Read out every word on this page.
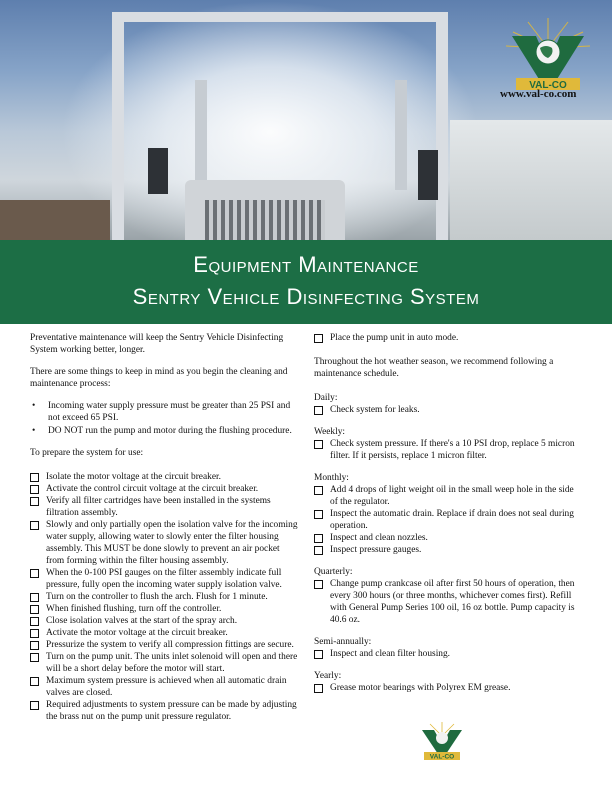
VAL-CO
www.val-co.com
Equipment Maintenance
Sentry Vehicle Disinfecting System

Preventative maintenance will keep the Sentry Vehicle Disinfecting System working better, longer.

There are some things to keep in mind as you begin the cleaning and maintenance process:

• Incoming water supply pressure must be greater than 25 PSI and not exceed 65 PSI.
• DO NOT run the pump and motor during the flushing procedure.

To prepare the system for use:

Isolate the motor voltage at the circuit breaker.
Activate the control circuit voltage at the circuit breaker.
Verify all filter cartridges have been installed in the systems filtration assembly.
Slowly and only partially open the isolation valve for the incoming water supply, allowing water to slowly enter the filter housing assembly. This MUST be done slowly to prevent an air pocket from forming within the filter housing assembly.
When the 0-100 PSI gauges on the filter assembly indicate full pressure, fully open the incoming water supply isolation valve.
Turn on the controller to flush the arch. Flush for 1 minute.
When finished flushing, turn off the controller.
Close isolation valves at the start of the spray arch.
Activate the motor voltage at the circuit breaker.
Pressurize the system to verify all compression fittings are secure.
Turn on the pump unit. The units inlet solenoid will open and there will be a short delay before the motor will start.
Maximum system pressure is achieved when all automatic drain valves are closed.
Required adjustments to system pressure can be made by adjusting the brass nut on the pump unit pressure regulator.
Place the pump unit in auto mode.

Throughout the hot weather season, we recommend following a maintenance schedule.

Daily:
Check system for leaks.
Weekly:
Check system pressure. If there's a 10 PSI drop, replace 5 micron filter. If it persists, replace 1 micron filter.
Monthly:
Add 4 drops of light weight oil in the small weep hole in the side of the regulator.
Inspect the automatic drain. Replace if drain does not seal during operation.
Inspect and clean nozzles.
Inspect pressure gauges.
Quarterly:
Change pump crankcase oil after first 50 hours of operation, then every 300 hours (or three months, whichever comes first). Refill with General Pump Series 100 oil, 16 oz bottle. Pump capacity is 40.6 oz.
Semi-annually:
Inspect and clean filter housing.
Yearly:
Grease motor bearings with Polyrex EM grease.
VAL-CO
